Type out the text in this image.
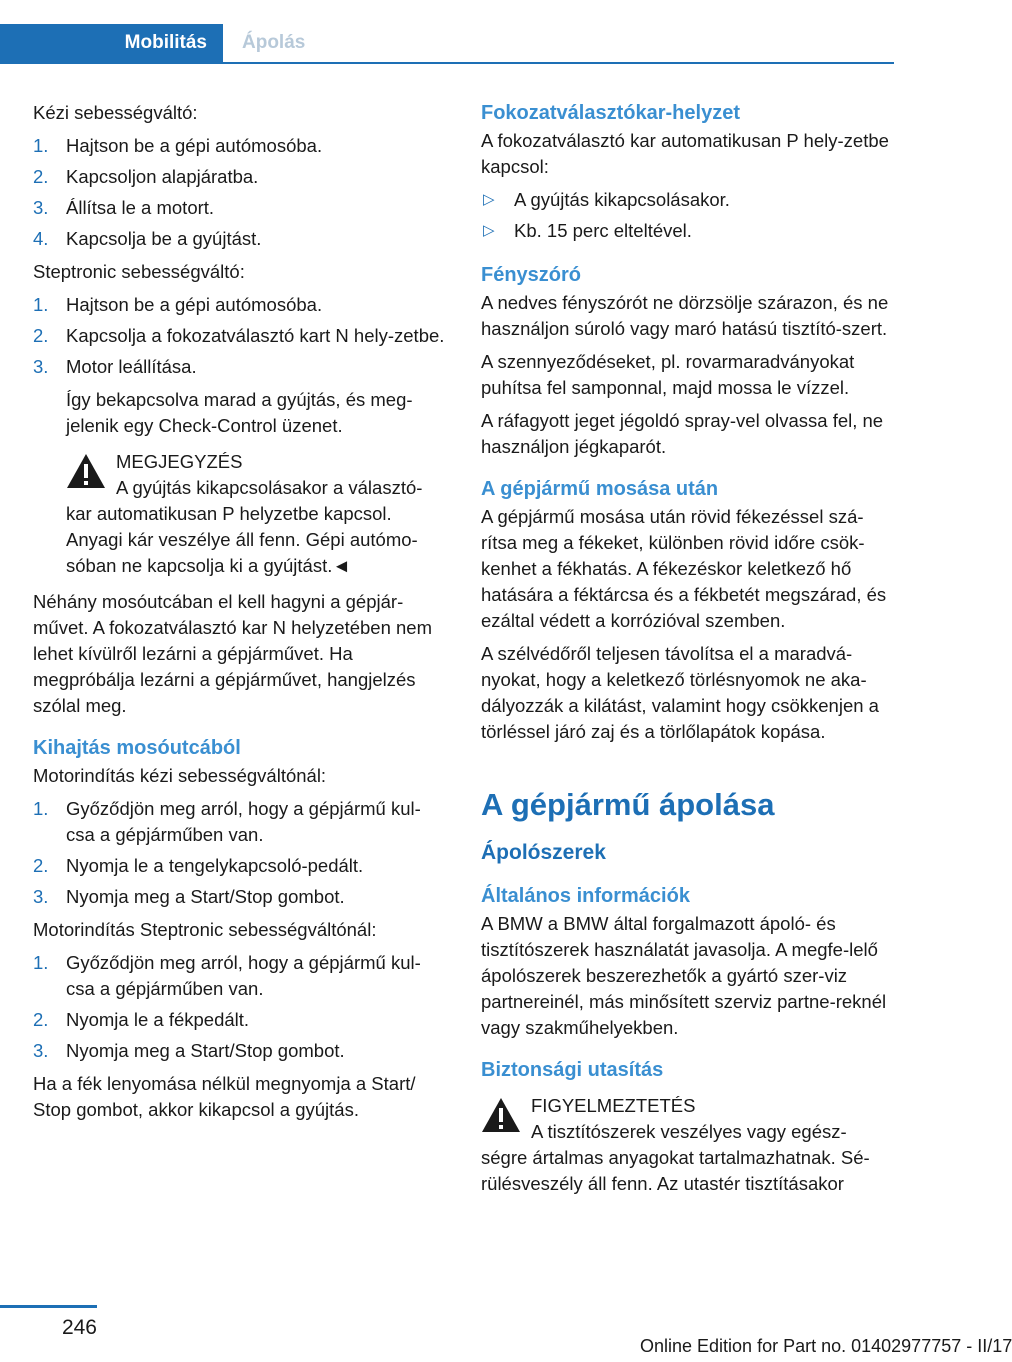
Mobilitás	Ápolás

Kézi sebességváltó:

1. Hajtson be a gépi autómosóba.
2. Kapcsoljon alapjáratba.
3. Állítsa le a motort.
4. Kapcsolja be a gyújtást.

Steptronic sebességváltó:

1. Hajtson be a gépi autómosóba.
2. Kapcsolja a fokozatválasztó kart N hely‐zetbe.
3. Motor leállítása.
Így bekapcsolva marad a gyújtás, és meg‐jelenik egy Check-Control üzenet.
MEGJEGYZÉS
A gyújtás kikapcsolásakor a választó‐
kar automatikusan P helyzetbe kapcsol. Anyagi kár veszélye áll fenn. Gépi autómo‐sóban ne kapcsolja ki a gyújtást.◄

Néhány mosóutcában el kell hagyni a gépjár‐művet. A fokozatválasztó kar N helyzetében nem lehet kívülről lezárni a gépjárművet. Ha megpróbálja lezárni a gépjárművet, hangjelzés szólal meg.

Kihajtás mosóutcából

Motorindítás kézi sebességváltónál:

1. Győződjön meg arról, hogy a gépjármű kul‐csa a gépjárműben van.
2. Nyomja le a tengelykapcsoló-pedált.
3. Nyomja meg a Start/Stop gombot.

Motorindítás Steptronic sebességváltónál:

1. Győződjön meg arról, hogy a gépjármű kul‐csa a gépjárműben van.
2. Nyomja le a fékpedált.
3. Nyomja meg a Start/Stop gombot.

Ha a fék lenyomása nélkül megnyomja a Start/ Stop gombot, akkor kikapcsol a gyújtás.

Fokozatválasztókar-helyzet

A fokozatválasztó kar automatikusan P hely‐zetbe kapcsol:

▷ A gyújtás kikapcsolásakor.
▷ Kb. 15 perc elteltével.
Fényszóró

A nedves fényszórót ne dörzsölje szárazon, és ne használjon súroló vagy maró hatású tisztító‐szert.

A szennyeződéseket, pl. rovarmaradványokat puhítsa fel samponnal, majd mossa le vízzel.

A ráfagyott jeget jégoldó spray-vel olvassa fel, ne használjon jégkaparót.

A gépjármű mosása után

A gépjármű mosása után rövid fékezéssel szá‐rítsa meg a fékeket, különben rövid időre csök‐kenhet a fékhatás. A fékezéskor keletkező hő hatására a féktárcsa és a fékbetét megszárad, és ezáltal védett a korrózióval szemben.

A szélvédőről teljesen távolítsa el a maradvá‐nyokat, hogy a keletkező törlésnyomok ne aka‐dályozzák a kilátást, valamint hogy csökkenjen a törléssel járó zaj és a törlőlapátok kopása.

A gépjármű ápolása
Ápolószerek
Általános információk

A BMW a BMW által forgalmazott ápoló- és tisztítószerek használatát javasolja. A megfe‐lelő ápolószerek beszerezhetők a gyártó szer‐viz partnereinél, más minősített szerviz partne‐reknél vagy szakműhelyekben.

Biztonsági utasítás
FIGYELMEZTETÉS
A tisztítószerek veszélyes vagy egész‐
ségre ártalmas anyagokat tartalmazhatnak. Sé‐rülésveszély áll fenn. Az utastér tisztításakor
246
Online Edition for Part no. 01402977757 - II/17
